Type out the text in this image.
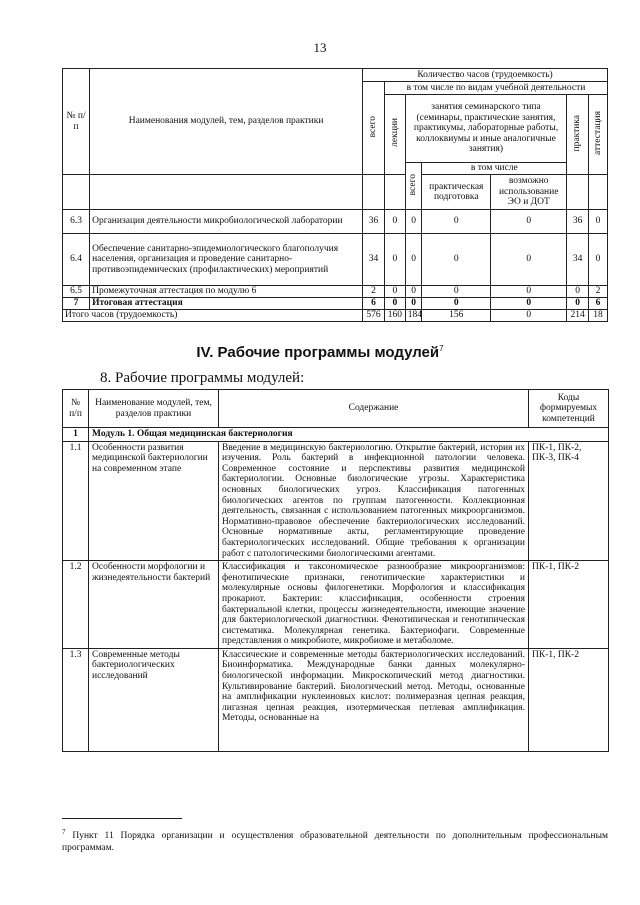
13
№ п/п	Наименования модулей, тем, разделов практики	Количество часов (трудоемкость)						
		всего	в том числе по видам учебной деятельности					
			лекции	занятия семинарского типа (семинары, практические занятия, практикумы, лабораторные работы, коллоквиумы и иные аналогичные занятия)			практика	аттестация
				всего	в том числе			
					практическая подготовка	возможно использование ЭО и ДОТ		
6.3	Организация деятельности микробиологической лаборатории	36	0	0	0	0	36	0
6.4	Обеспечение санитарно-эпидемиологического благополучия населения, организация и проведение санитарно-противоэпидемических (профилактических) мероприятий	34	0	0	0	0	34	0
6.5	Промежуточная аттестация по модулю 6	2	0	0	0	0	0	2
7	Итоговая аттестация	6	0	0	0	0	0	6
Итого часов (трудоемкость)		576	160	184	156	0	214	18
IV. Рабочие программы модулей$^7$
8. Рабочие программы модулей:
№ п/п	Наименование модулей, тем, разделов практики	Содержание	Коды формируемых компетенций
1	Модуль 1. Общая медицинская бактериология		
1.1	Особенности развития медицинской бактериологии на современном этапе	Введение в медицинскую бактериологию. Открытие бактерий, история их изучения. Роль бактерий в инфекционной патологии человека. Современное состояние и перспективы развития медицинской бактериологии. Основные биологические угрозы. Характеристика основных биологических угроз. Классификация патогенных биологических агентов по группам патогенности. Коллекционная деятельность, связанная с использованием патогенных микроорганизмов. Нормативно-правовое обеспечение бактериологических исследований. Основные нормативные акты, регламентирующие проведение бактериологических исследований. Общие требования к организации работ с патологическими биологическими агентами.	ПК-1, ПК-2, ПК-3, ПК-4
1.2	Особенности морфологии и жизнедеятельности бактерий	Классификация и таксономическое разнообразие микроорганизмов: фенотипические признаки, генотипические характеристики и молекулярные основы филогенетики. Морфология и классификация прокариот. Бактерии: классификация, особенности строения бактериальной клетки, процессы жизнедеятельности, имеющие значение для бактериологической диагностики. Фенотипическая и генотипическая систематика. Молекулярная генетика. Бактериофаги. Современные представления о микробиоте, микробиоме и метаболоме.	ПК-1, ПК-2
1.3	Современные методы бактериологических исследований	Классические и современные методы бактериологических исследований. Биоинформатика. Международные банки данных молекулярно-биологической информации. Микроскопический метод диагностики. Культивирование бактерий. Биологический метод. Методы, основанные на амплификации нуклеиновых кислот: полимеразная цепная реакция, лигазная цепная реакция, изотермическая петлевая амплификация. Методы, основанные на	ПК-1, ПК-2
$^7$ Пункт 11 Порядка организации и осуществления образовательной деятельности по дополнительным профессиональным программам.
